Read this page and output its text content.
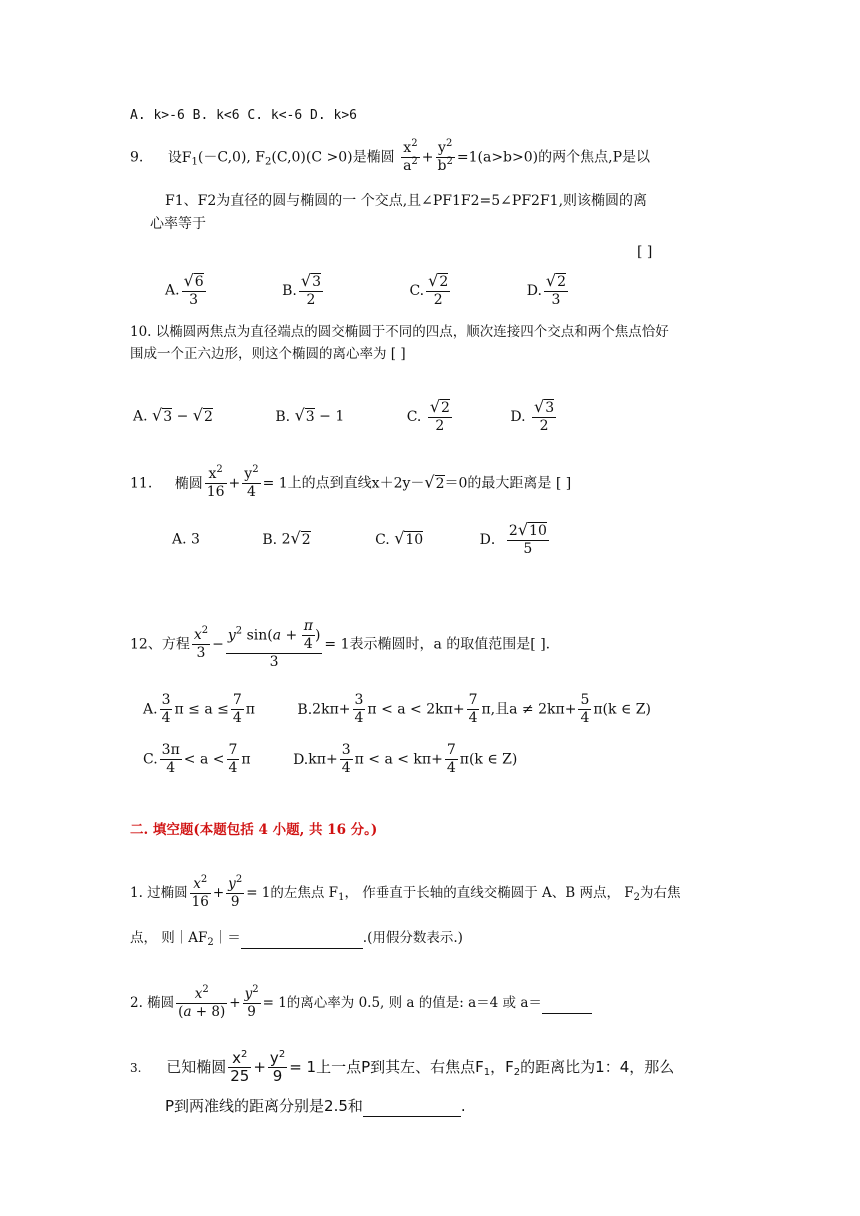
A. k>-6 B. k<6 C. k<-6 D. k>6
9. 设$F_1(-C,0)$, $F_2(C,0)(C >0)$是椭圆 $\frac{x^2}{a^2} + \frac{y^2}{b^2} =1(a>b>0)$的两个焦点,P是以
F1、F2为直径的圆与椭圆的一 个交点,且∠PF1F2=5∠PF2F1,则该椭圆的离
心率等于
[ ]
A. $\frac{√6}{3}$	B. $\frac{√3}{2}$	C. $\frac{√2}{2}$	D. $\frac{√2}{3}$
10. 以椭圆两焦点为直径端点的圆交椭圆于不同的四点，顺次连接四个交点和两个焦点恰好
围成一个正六边形，则这个椭圆的离心率为 [ ]
A. √3 − √2	B. √3 − 1	C. $\frac{√2}{2}$	D. $\frac{√3}{2}$
11. 椭圆 $\frac{x^2}{16} + \frac{y^2}{4} = 1$上的点到直线x＋2y－√2＝0的最大距离是 [ ]
A. 3	B. 2√2	C. √10	D． $\frac{2√10}{5}$
12、方程 $\frac{x^2}{3} - \frac{y^2 \sin(a + \frac{\pi}{4} )}{3} = 1$表示椭圆时，a 的取值范围是[ ].
A. $\frac{3}{4}$ $\pi \le a \le \frac{7}{4}$ π	$B.2k\pi+ \frac{3}{4}$ $\pi < a < 2k\pi+ \frac{7}{4} \pi$,且$a \ne 2k\pi+ \frac{5}{4} \pi(k$ ∈ Z)
C. $\frac{3\pi}{4} < a < \frac{7}{4}$ π	$D.k\pi+ \frac{3}{4}$ $\pi < a < k\pi+ \frac{7}{4} \pi(k$ ∈ Z)
二. 填空题(本题包括 4 小题, 共 16 分。)
1. 过椭圆 $\frac{x^2}{16} + \frac{y^2}{9} = 1$的左焦点 $F_1$， 作垂直于长轴的直线交椭圆于 A、B 两点， $F_2$为右焦
点， 则$|AF_2|=$	.(用假分数表示.)
2. 椭圆 $\frac{x^2}{(a + 8)} + \frac{y^2}{9} = 1$的离心率为 0.5, 则 a 的值是: a＝4 或 a＝
3. 已知椭圆 $\frac{x^2}{25} + \frac{y^2}{9} = 1$上一点P到其左、右焦点$F_1$，$F_2$的距离比为1：4，那么
P到两准线的距离分别是2.5和	.
